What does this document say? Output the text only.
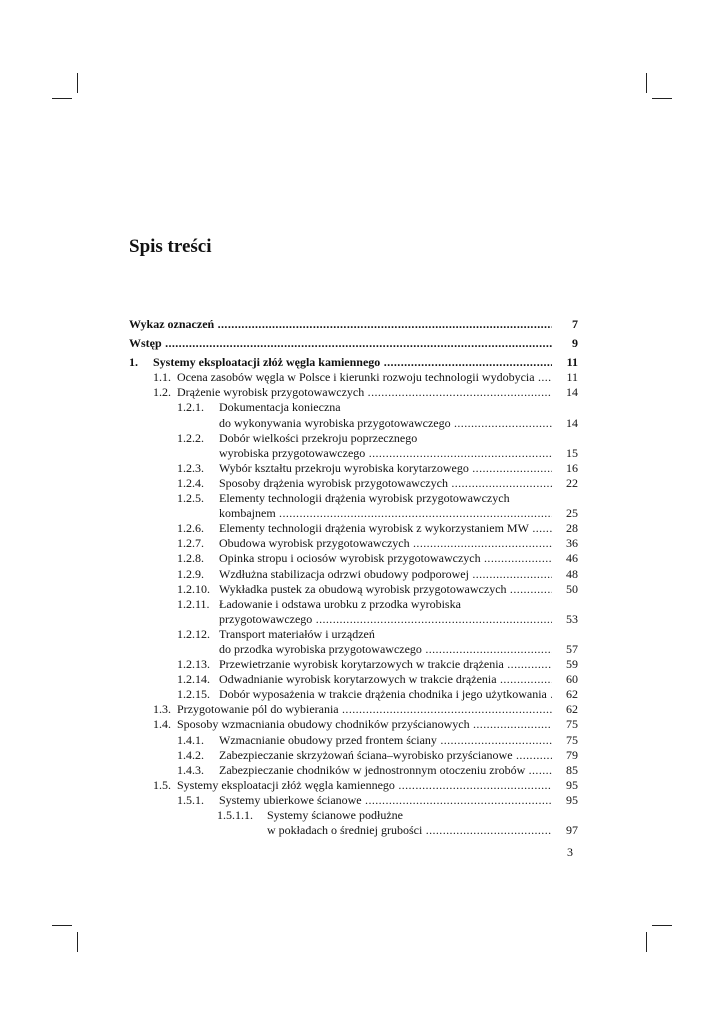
Spis treści
Wykaz oznaczeń .....	7
Wstęp .....	9
1. Systemy eksploatacji złóż węgla kamiennego .....	11
1.1. Ocena zasobów węgla w Polsce i kierunki rozwoju technologii wydobycia .....	11
1.2. Drążenie wyrobisk przygotowawczych .....	14
1.2.1. Dokumentacja konieczna
do wykonywania wyrobiska przygotowawczego .....	14
1.2.2. Dobór wielkości przekroju poprzecznego
wyrobiska przygotowawczego .....	15
1.2.3. Wybór kształtu przekroju wyrobiska korytarzowego .....	16
1.2.4. Sposoby drążenia wyrobisk przygotowawczych .....	22
1.2.5. Elementy technologii drążenia wyrobisk przygotowawczych
kombajnem .....	25
1.2.6. Elementy technologii drążenia wyrobisk z wykorzystaniem MW .....	28
1.2.7. Obudowa wyrobisk przygotowawczych .....	36
1.2.8. Opinka stropu i ociosów wyrobisk przygotowawczych .....	46
1.2.9. Wzdłużna stabilizacja odrzwi obudowy podporowej .....	48
1.2.10. Wykładka pustek za obudową wyrobisk przygotowawczych .....	50
1.2.11. Ładowanie i odstawa urobku z przodka wyrobiska
przygotowawczego .....	53
1.2.12. Transport materiałów i urządzeń
do przodka wyrobiska przygotowawczego .....	57
1.2.13. Przewietrzanie wyrobisk korytarzowych w trakcie drążenia .....	59
1.2.14. Odwadnianie wyrobisk korytarzowych w trakcie drążenia .....	60
1.2.15. Dobór wyposażenia w trakcie drążenia chodnika i jego użytkowania .....	62
1.3. Przygotowanie pól do wybierania .....	62
1.4. Sposoby wzmacniania obudowy chodników przyścianowych .....	75
1.4.1. Wzmacnianie obudowy przed frontem ściany .....	75
1.4.2. Zabezpieczanie skrzyżowań ściana–wyrobisko przyścianowe .....	79
1.4.3. Zabezpieczanie chodników w jednostronnym otoczeniu zrobów .....	85
1.5. Systemy eksploatacji złóż węgla kamiennego .....	95
1.5.1. Systemy ubierkowe ścianowe .....	95
1.5.1.1. Systemy ścianowe podłużne
w pokładach o średniej grubości .....	97
3
